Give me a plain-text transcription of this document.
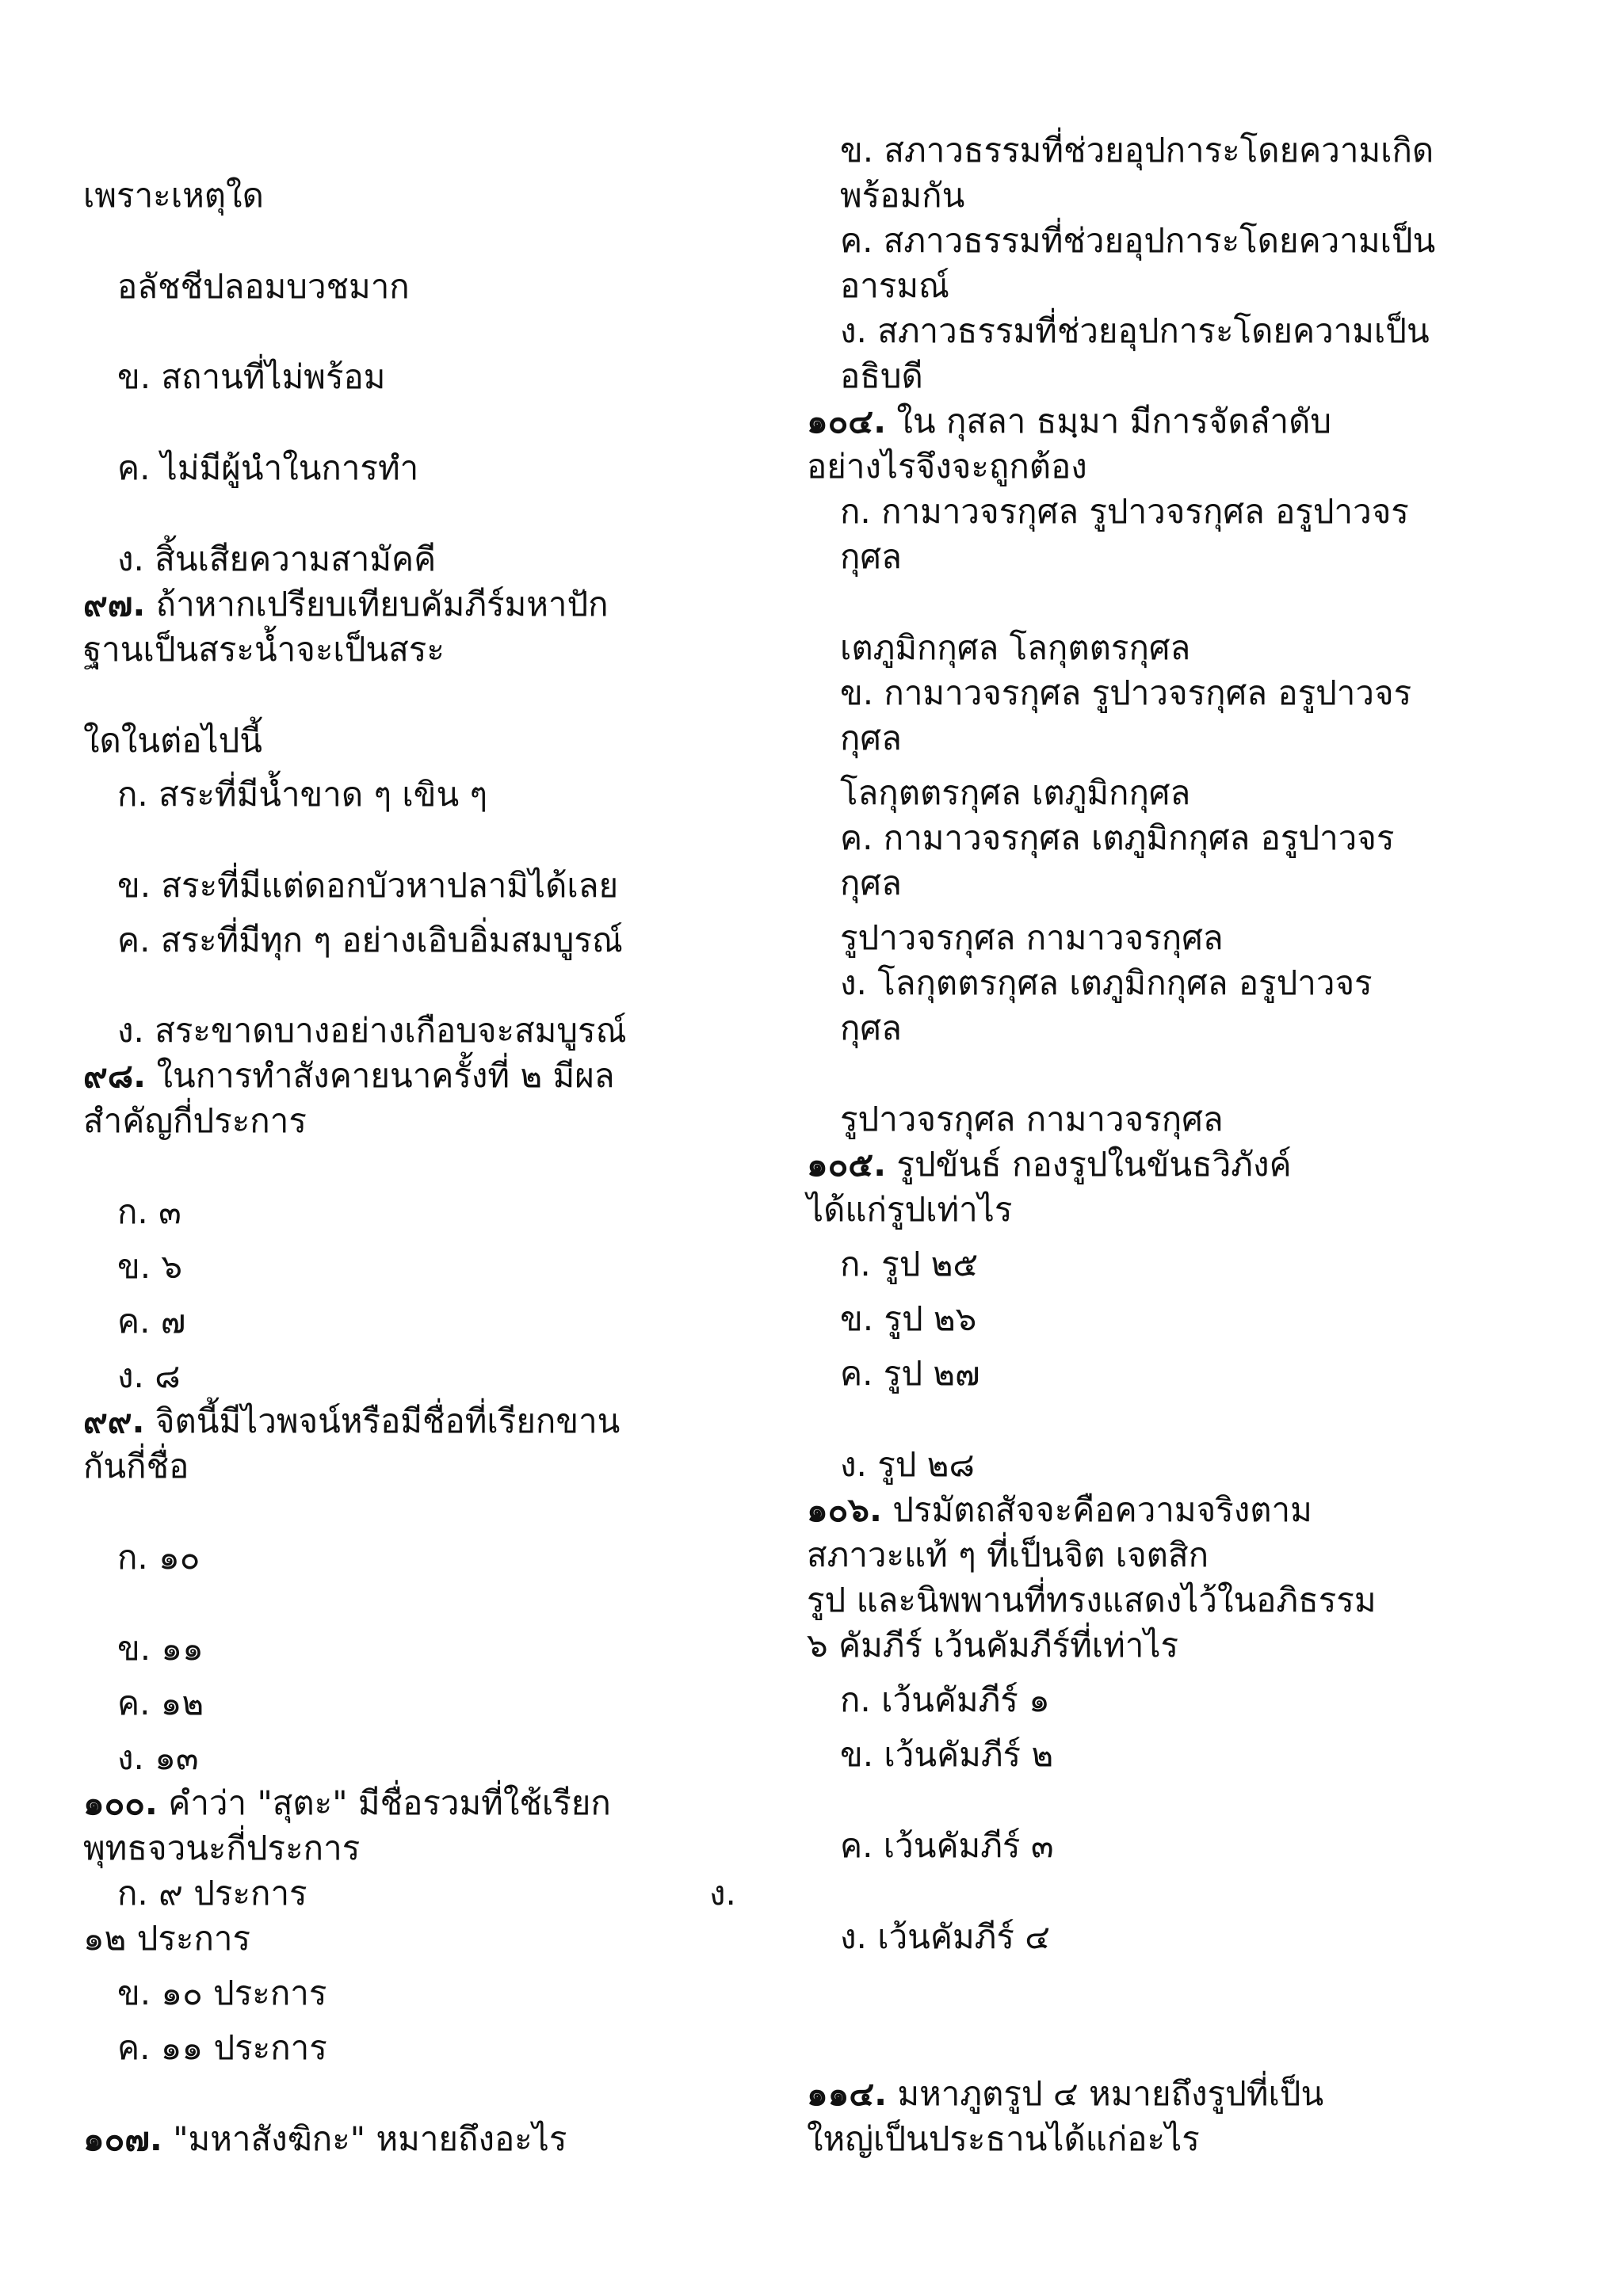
เพราะเหตุใด
อลัชชีปลอมบวชมาก
ข. สถานที่ไม่พร้อม
ค. ไม่มีผู้นำในการทำ
ง. สิ้นเสียความสามัคคี
๙๗. ถ้าหากเปรียบเทียบคัมภีร์มหาปัก
ฐานเป็นสระน้ำจะเป็นสระ
ใดในต่อไปนี้
ก. สระที่มีน้ำขาด ๆ เขิน ๆ
ข. สระที่มีแต่ดอกบัวหาปลามิได้เลย
ค. สระที่มีทุก ๆ อย่างเอิบอิ่มสมบูรณ์
ง. สระขาดบางอย่างเกือบจะสมบูรณ์
๙๘. ในการทำสังคายนาครั้งที่ ๒ มีผล
สำคัญกี่ประการ
ก. ๓
ข. ๖
ค. ๗
ง. ๘
๙๙. จิตนี้มีไวพจน์หรือมีชื่อที่เรียกขาน
กันกี่ชื่อ
ก. ๑๐
ข. ๑๑
ค. ๑๒
ง. ๑๓
๑๐๐. คำว่า "สุตะ" มีชื่อรวมที่ใช้เรียก
พุทธจวนะกี่ประการ
ก. ๙ ประการ	ง.
๑๒ ประการ
ข. ๑๐ ประการ
ค. ๑๑ ประการ
๑๐๗. "มหาสังฆิกะ" หมายถึงอะไร
ข. สภาวธรรมที่ช่วยอุปการะโดยความเกิด
พร้อมกัน
ค. สภาวธรรมที่ช่วยอุปการะโดยความเป็น
อารมณ์
ง. สภาวธรรมที่ช่วยอุปการะโดยความเป็น
อธิบดี
๑๐๔. ใน กุสลา ธมฺมา มีการจัดลำดับ
อย่างไรจึงจะถูกต้อง
ก. กามาวจรกุศล รูปาวจรกุศล อรูปาวจร
กุศล
เตภูมิกกุศล โลกุตตรกุศล
ข. กามาวจรกุศล รูปาวจรกุศล อรูปาวจร
กุศล
โลกุตตรกุศล เตภูมิกกุศล
ค. กามาวจรกุศล เตภูมิกกุศล อรูปาวจร
กุศล
รูปาวจรกุศล กามาวจรกุศล
ง. โลกุตตรกุศล เตภูมิกกุศล อรูปาวจร
กุศล
รูปาวจรกุศล กามาวจรกุศล
๑๐๕. รูปขันธ์ กองรูปในขันธวิภังค์
ได้แก่รูปเท่าไร
ก. รูป ๒๕
ข. รูป ๒๖
ค. รูป ๒๗
ง. รูป ๒๘
๑๐๖. ปรมัตถสัจจะคือความจริงตาม
สภาวะแท้ ๆ ที่เป็นจิต เจตสิก
รูป และนิพพานที่ทรงแสดงไว้ในอภิธรรม
๖ คัมภีร์ เว้นคัมภีร์ที่เท่าไร
ก. เว้นคัมภีร์ ๑
ข. เว้นคัมภีร์ ๒
ค. เว้นคัมภีร์ ๓
ง. เว้นคัมภีร์ ๔
๑๑๔. มหาภูตรูป ๔ หมายถึงรูปที่เป็น
ใหญ่เป็นประธานได้แก่อะไร
